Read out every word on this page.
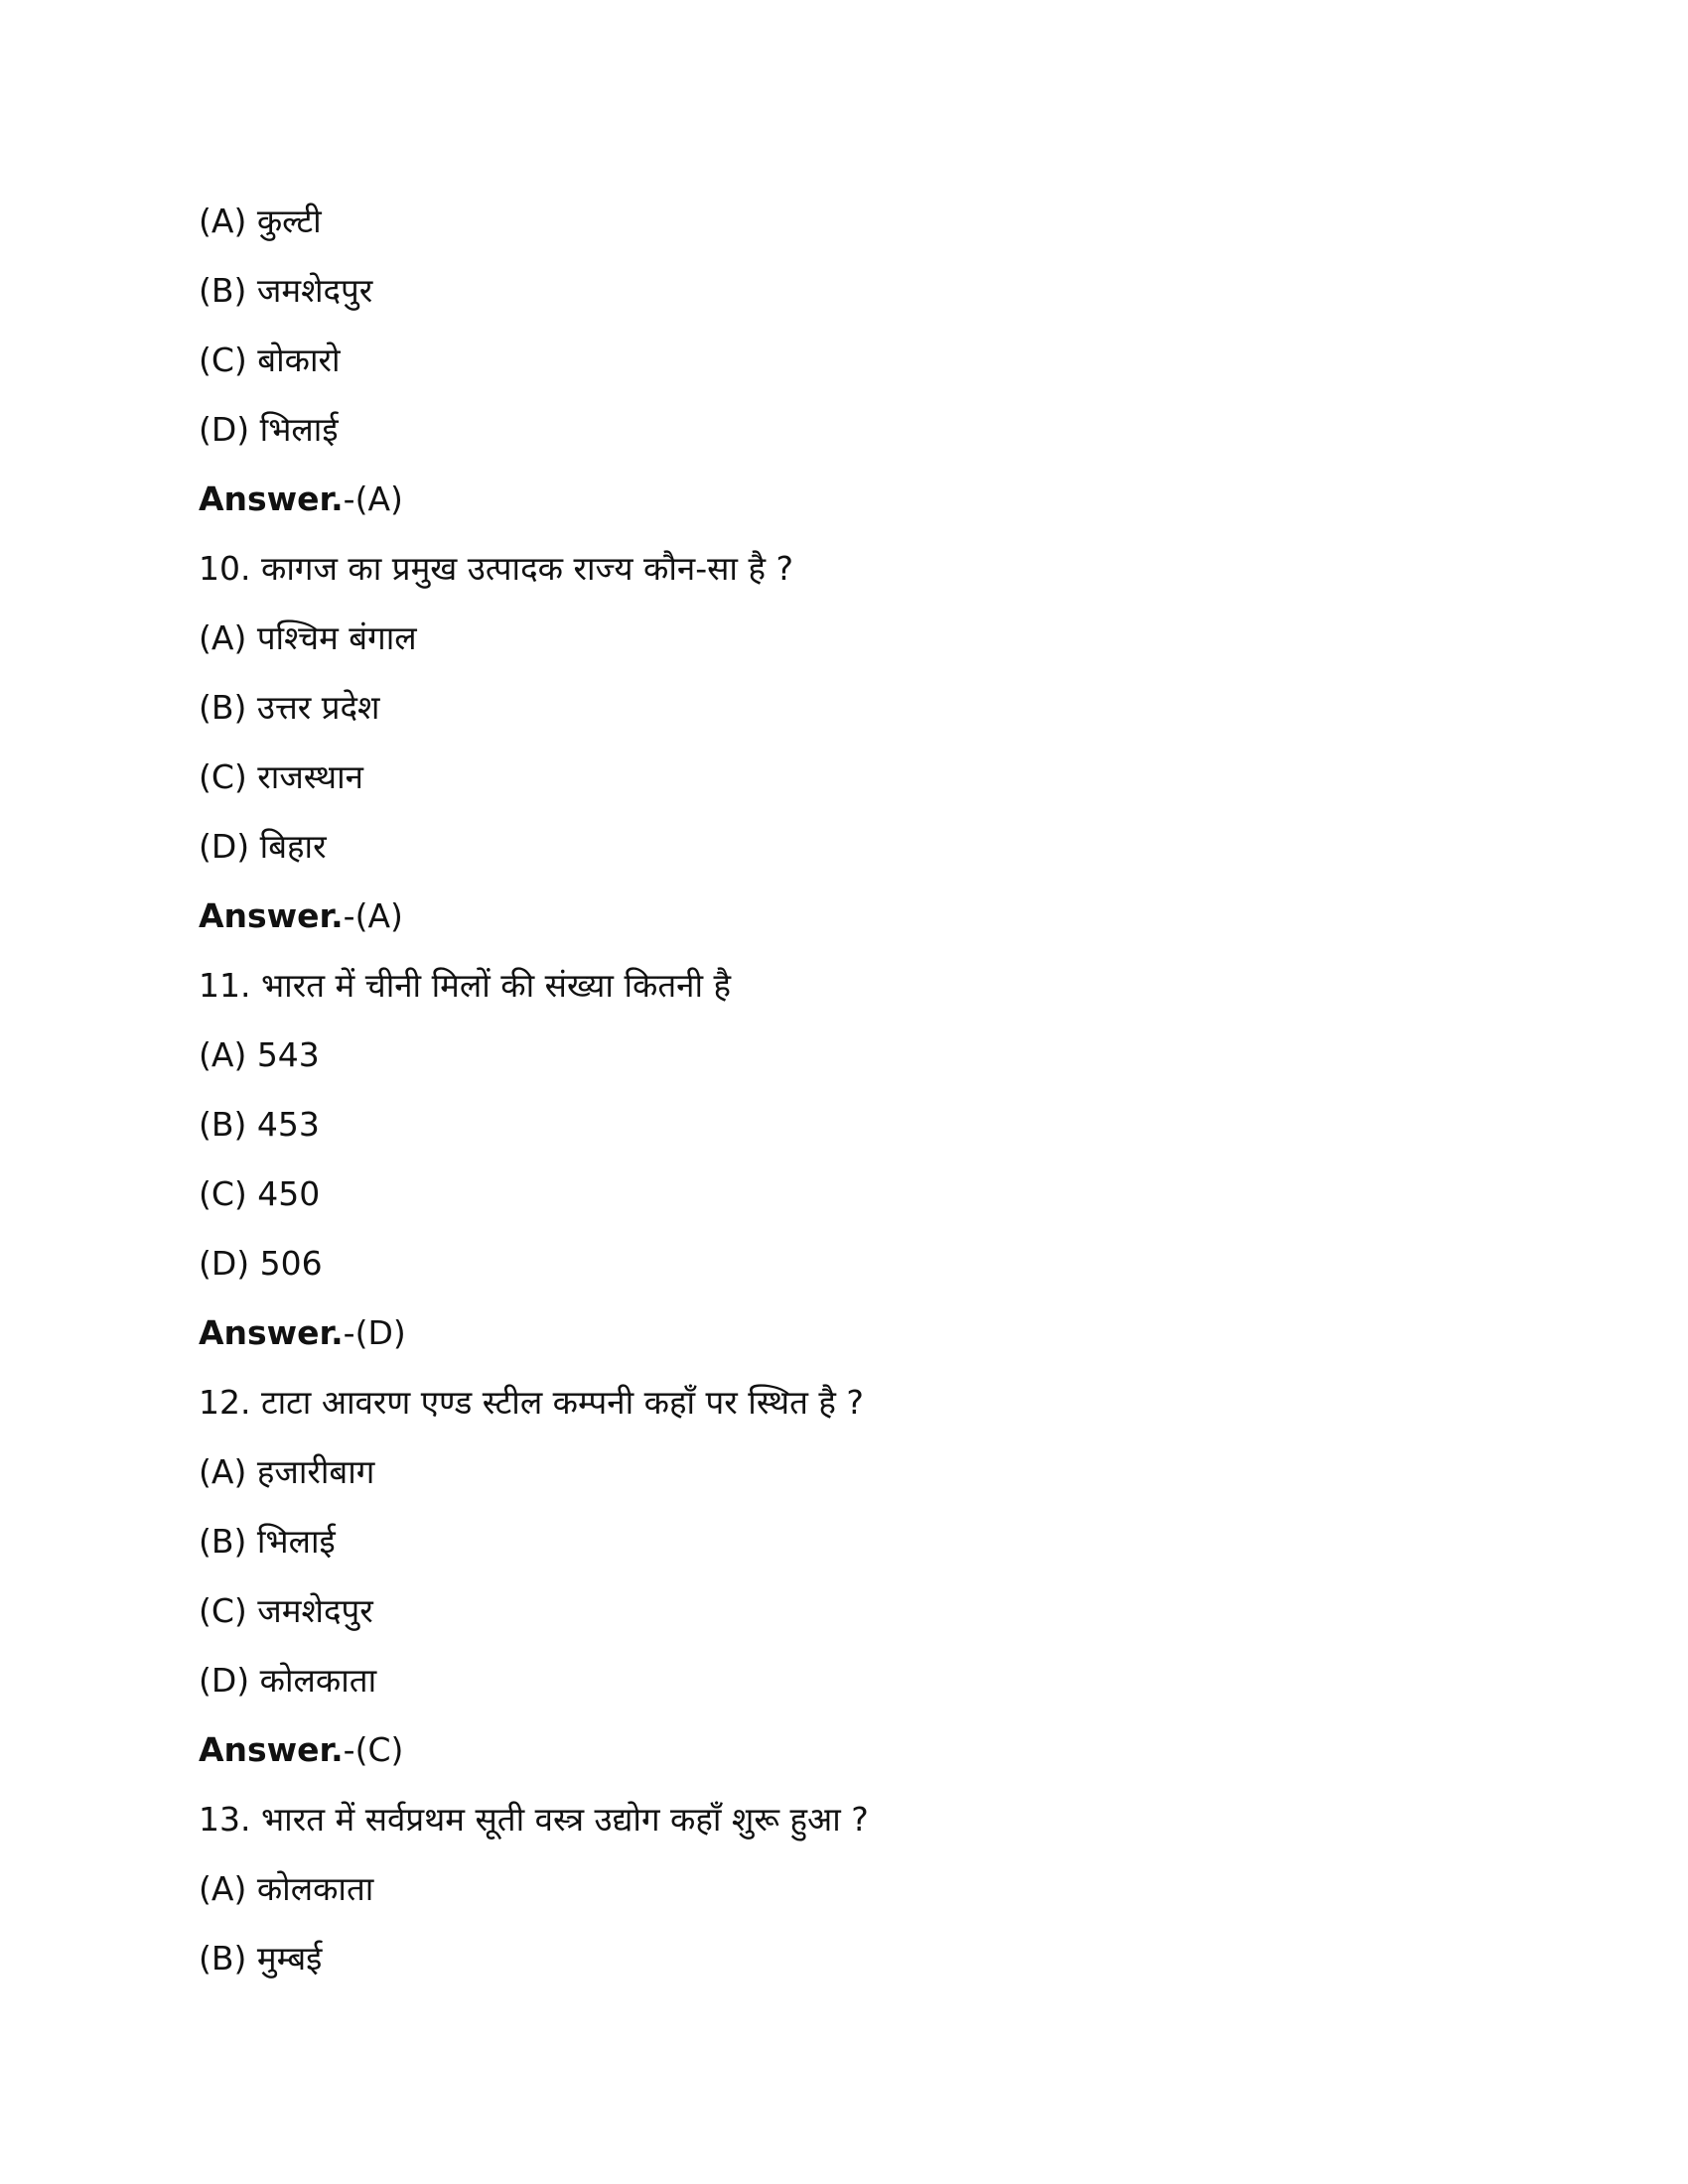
(A) कुल्टी
(B) जमशेदपुर
(C) बोकारो
(D) भिलाई
Answer.-(A)
10. कागज का प्रमुख उत्पादक राज्य कौन-सा है ?
(A) पश्चिम बंगाल
(B) उत्तर प्रदेश
(C) राजस्थान
(D) बिहार
Answer.-(A)
11. भारत में चीनी मिलों की संख्या कितनी है
(A) 543
(B) 453
(C) 450
(D) 506
Answer.-(D)
12. टाटा आवरण एण्ड स्टील कम्पनी कहाँ पर स्थित है ?
(A) हजारीबाग
(B) भिलाई
(C) जमशेदपुर
(D) कोलकाता
Answer.-(C)
13. भारत में सर्वप्रथम सूती वस्त्र उद्योग कहाँ शुरू हुआ ?
(A) कोलकाता
(B) मुम्बई
